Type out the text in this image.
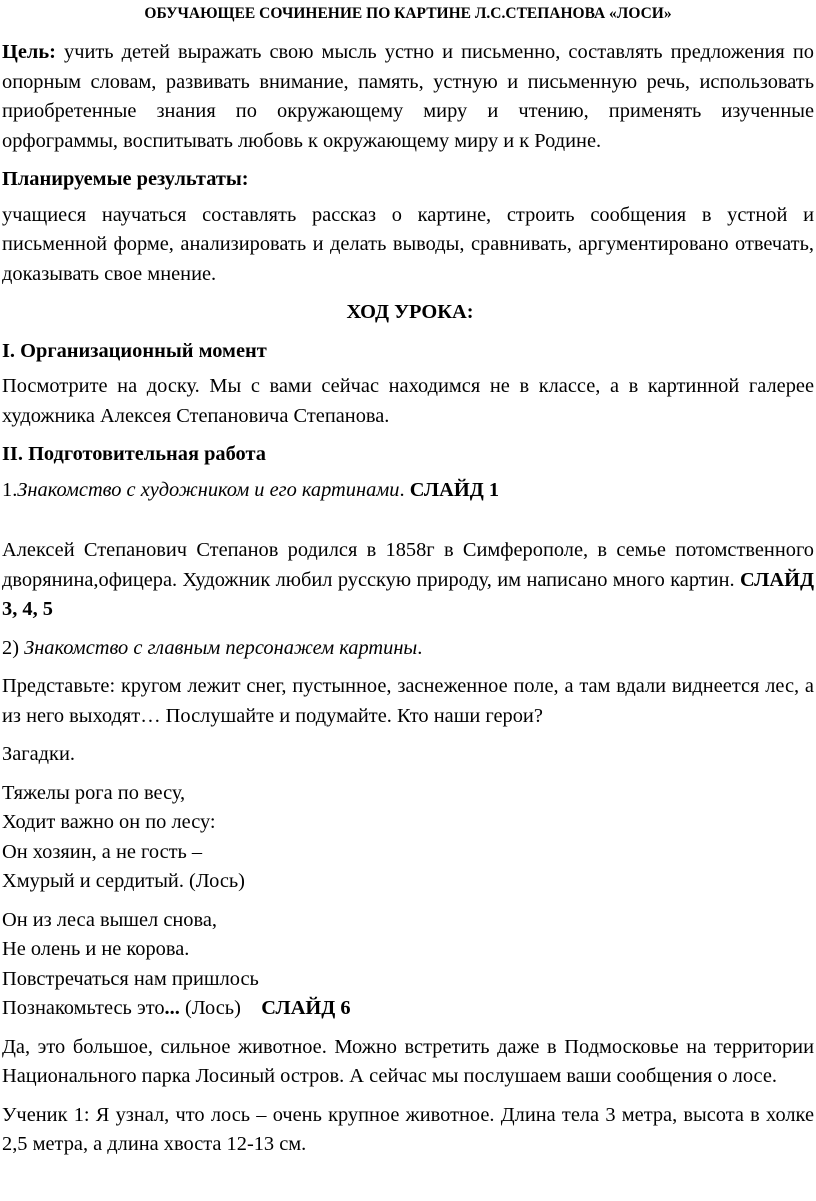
ОБУЧАЮЩЕЕ СОЧИНЕНИЕ ПО КАРТИНЕ Л.С.СТЕПАНОВА «ЛОСИ»

Цель: учить детей выражать свою мысль устно и письменно, составлять предложения по опорным словам, развивать внимание, память, устную и письменную речь, использовать приобретенные знания по окружающему миру и чтению, применять изученные орфограммы, воспитывать любовь к окружающему миру и к Родине.

Планируемые результаты:

учащиеся научаться составлять рассказ о картине, строить сообщения в устной и письменной форме, анализировать и делать выводы, сравнивать, аргументировано отвечать, доказывать свое мнение.

ХОД УРОКА:

I. Организационный момент

Посмотрите на доску. Мы с вами сейчас находимся не в классе, а в картинной галерее художника Алексея Степановича Степанова.

II. Подготовительная работа

1.Знакомство с художником и его картинами. СЛАЙД 1

Алексей Степанович Степанов родился в 1858г в Симферополе, в семье потомственного дворянина,офицера. Художник любил русскую природу, им написано много картин. СЛАЙД 3, 4, 5

2) Знакомство с главным персонажем картины.

Представьте: кругом лежит снег, пустынное, заснеженное поле, а там вдали виднеется лес, а из него выходят… Послушайте и подумайте. Кто наши герои?

Загадки.

Тяжелы рога по весу,

Ходит важно он по лесу:

Он хозяин, а не гость –

Хмурый и сердитый. (Лось)

Он из леса вышел снова,

Не олень и не корова.

Повстречаться нам пришлось

Познакомьтесь это... (Лось)    СЛАЙД 6

Да, это большое, сильное животное. Можно встретить даже в Подмосковье на территории Национального парка Лосиный остров. А сейчас мы послушаем ваши сообщения о лосе.

Ученик 1: Я узнал, что лось – очень крупное животное. Длина тела 3 метра, высота в холке 2,5 метра, а длина хвоста 12-13 см.
